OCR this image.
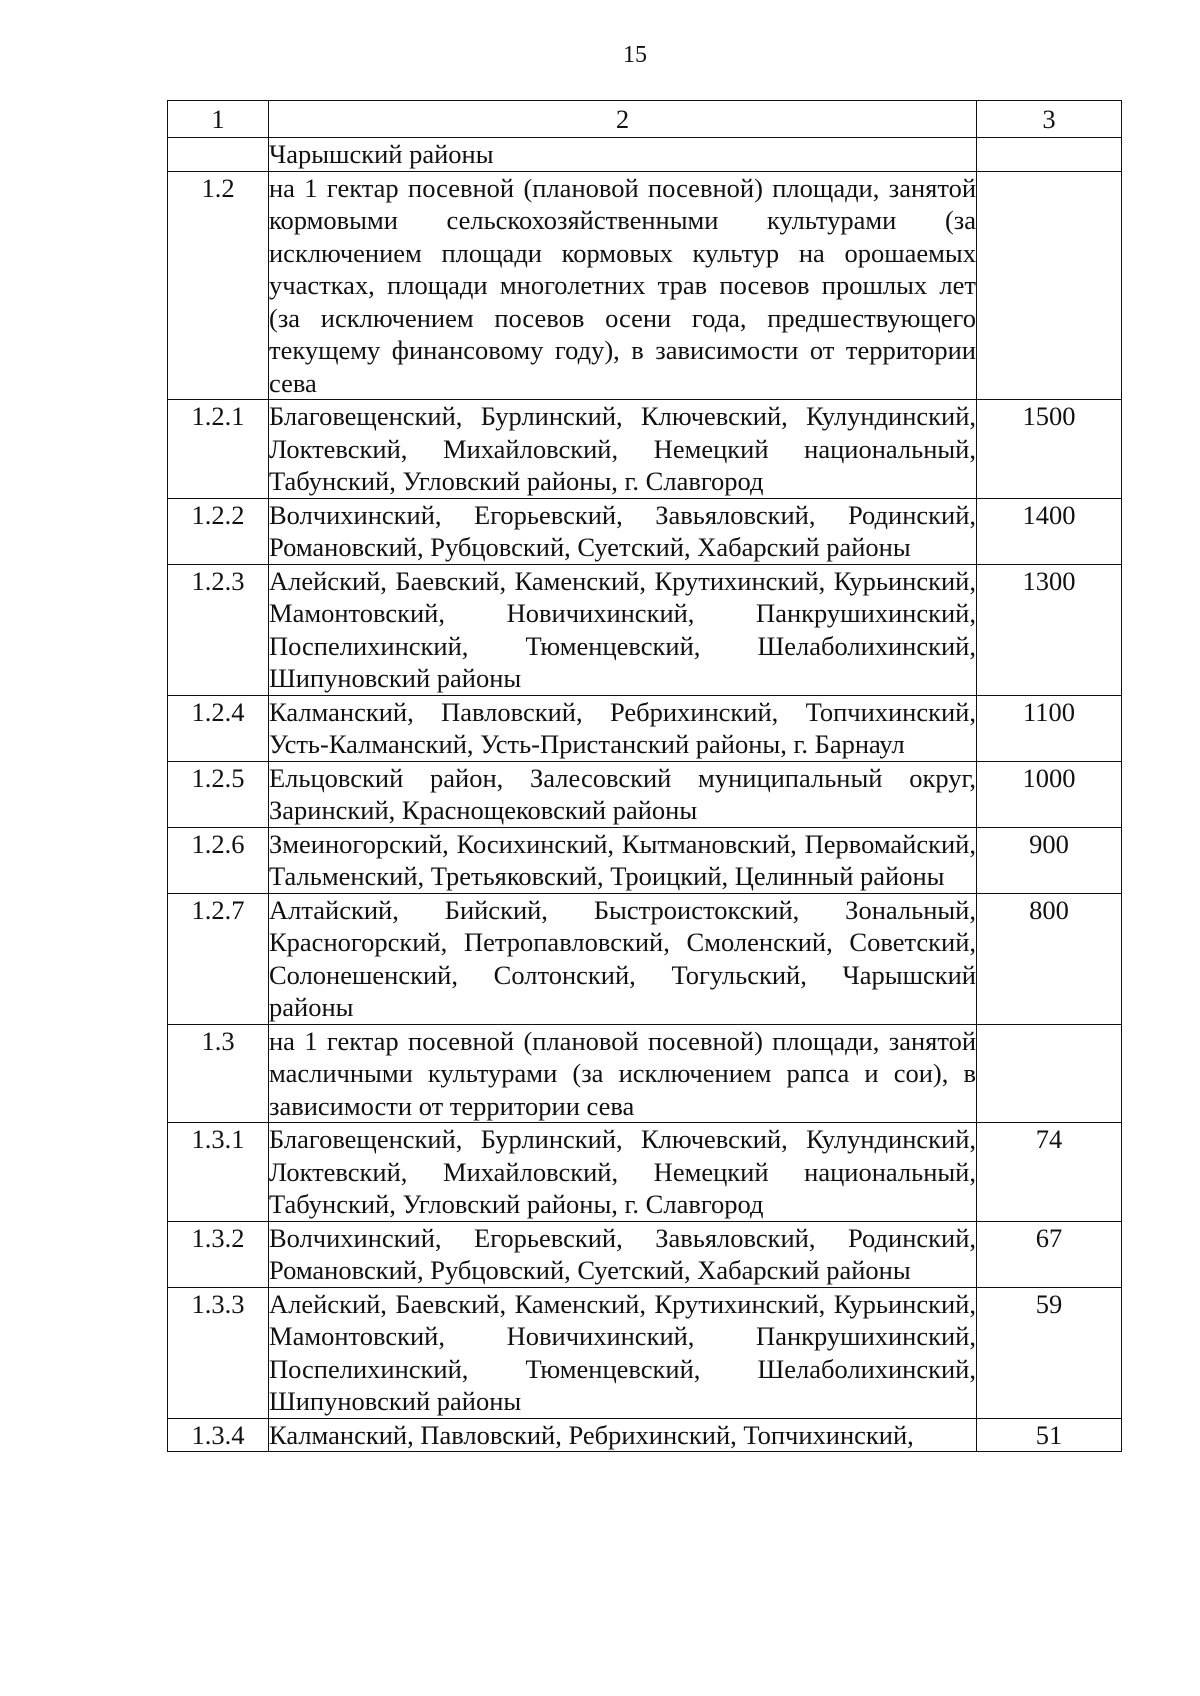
15
1	2	3
	Чарышский районы	
1.2	на 1 гектар посевной (плановой посевной) площади, занятой кормовыми сельскохозяйственными культурами (за исключением площади кормовых культур на орошаемых участках, площади многолетних трав посевов прошлых лет (за исключением посевов осени года, предшествующего текущему финансовому году), в зависимости от территории сева	
1.2.1	Благовещенский, Бурлинский, Ключевский, Кулундинский, Локтевский, Михайловский, Немецкий национальный, Табунский, Угловский районы, г. Славгород	1500
1.2.2	Волчихинский, Егорьевский, Завьяловский, Родинский, Романовский, Рубцовский, Суетский, Хабарский районы	1400
1.2.3	Алейский, Баевский, Каменский, Крутихинский, Курьинский, Мамонтовский, Новичихинский, Панкрушихинский, Поспелихинский, Тюменцевский, Шелаболихинский, Шипуновский районы	1300
1.2.4	Калманский, Павловский, Ребрихинский, Топчихинский, Усть-Калманский, Усть-Пристанский районы, г. Барнаул	1100
1.2.5	Ельцовский район, Залесовский муниципальный округ, Заринский, Краснощековский районы	1000
1.2.6	Змеиногорский, Косихинский, Кытмановский, Первомайский, Тальменский, Третьяковский, Троицкий, Целинный районы	900
1.2.7	Алтайский, Бийский, Быстроистокский, Зональный, Красногорский, Петропавловский, Смоленский, Советский, Солонешенский, Солтонский, Тогульский, Чарышский районы	800
1.3	на 1 гектар посевной (плановой посевной) площади, занятой масличными культурами (за исключением рапса и сои), в зависимости от территории сева	
1.3.1	Благовещенский, Бурлинский, Ключевский, Кулундинский, Локтевский, Михайловский, Немецкий национальный, Табунский, Угловский районы, г. Славгород	74
1.3.2	Волчихинский, Егорьевский, Завьяловский, Родинский, Романовский, Рубцовский, Суетский, Хабарский районы	67
1.3.3	Алейский, Баевский, Каменский, Крутихинский, Курьинский, Мамонтовский, Новичихинский, Панкрушихинский, Поспелихинский, Тюменцевский, Шелаболихинский, Шипуновский районы	59
1.3.4	Калманский, Павловский, Ребрихинский, Топчихинский,	51
